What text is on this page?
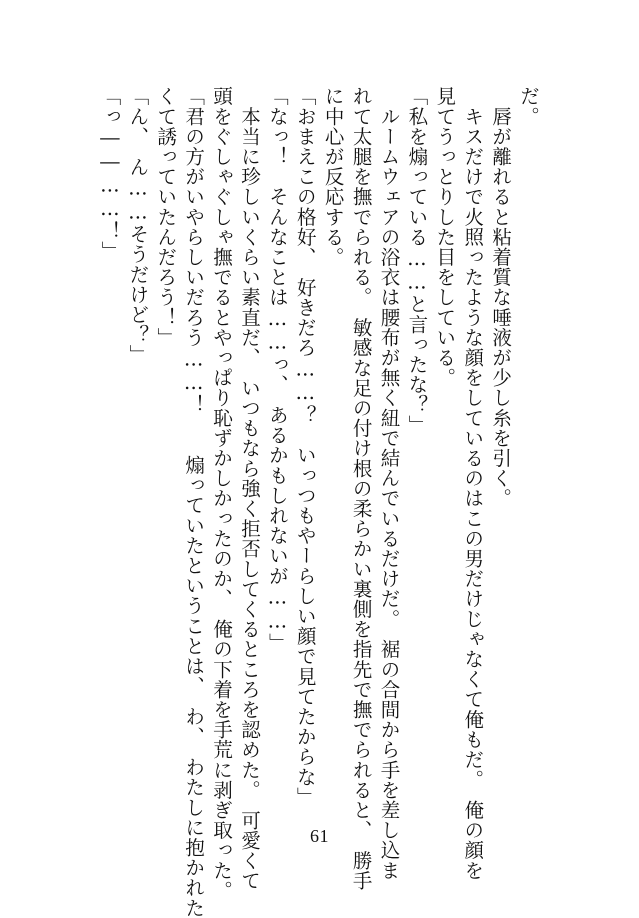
だ。
　唇が離れると粘着質な唾液が少し糸を引く。
　キスだけで火照ったような顔をしているのはこの男だけじゃなくて俺もだ。　俺の顔を
見てうっとりした目をしている。
「私を煽っている……と言ったな？」
　ルームウェアの浴衣は腰布が無く紐で結んでいるだけだ。　裾の合間から手を差し込ま
れて太腿を撫でられる。　敏感な足の付け根の柔らかい裏側を指先で撫でられると、　勝手
に中心が反応する。
「おまえこの格好、　好きだろ……？　いっつもやーらしい顔で見てたからな」
「なっ！　そんなことは……っ、　あるかもしれないが……」
　本当に珍しいくらい素直だ、　いつもなら強く拒否してくるところを認めた。　可愛くて
頭をぐしゃぐしゃ撫でるとやっぱり恥ずかしかったのか、　俺の下着を手荒に剥ぎ取った。
「君の方がいやらしいだろう……！　　煽っていたということは、　わ、　わたしに抱かれた
くて誘っていたんだろう！」
「ん、　ん……そうだけど？」
「っ――……！」
61
